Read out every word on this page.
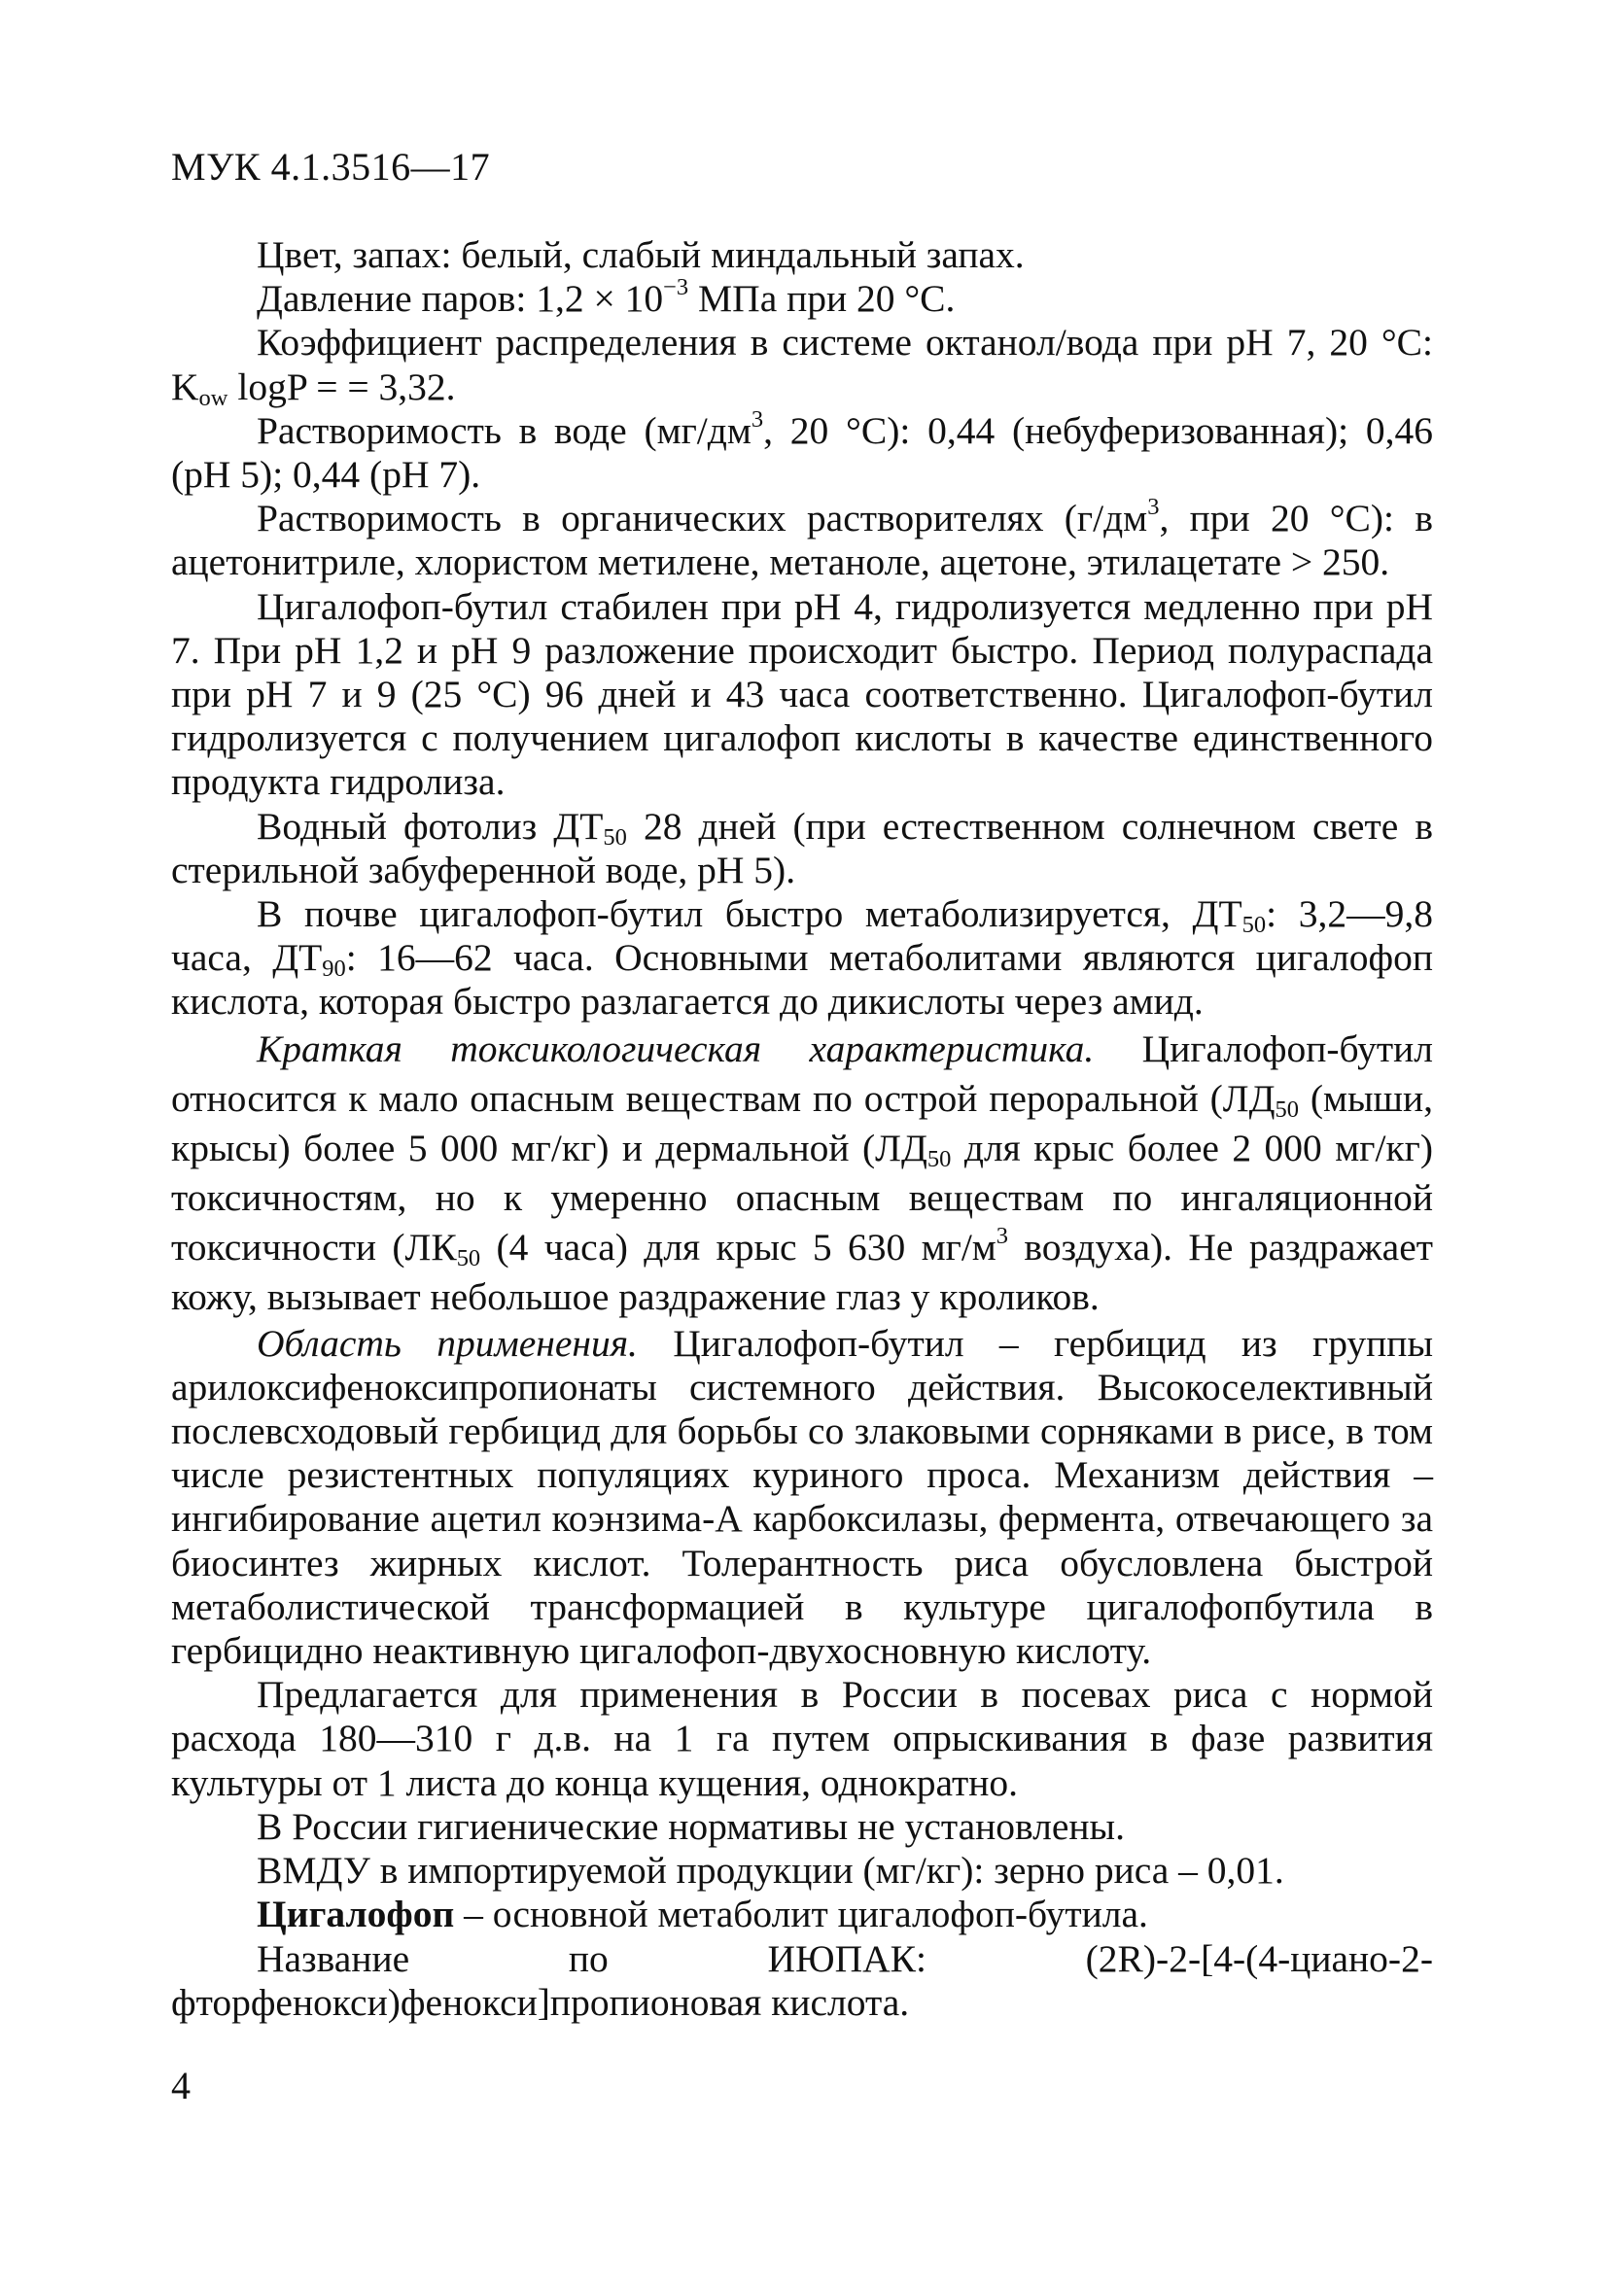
МУК 4.1.3516—17

Цвет, запах: белый, слабый миндальный запах.

Давление паров: $1,2 \times 10^{-3}$ МПа при 20 °С.

Коэффициент распределения в системе октанол/вода при pH 7, 20 °С: $K_{ow}$ logP = = 3,32.

Растворимость в воде ($мг/дм^3$, 20 °С): 0,44 (небуферизованная); 0,46 (pH 5); 0,44 (pH 7).

Растворимость в органических растворителях ($г/дм^3$, при 20 °С): в ацетонитриле, хлористом метилене, метаноле, ацетоне, этилацетате > 250.

Цигалофоп-бутил стабилен при pH 4, гидролизуется медленно при pH 7. При pH 1,2 и pH 9 разложение происходит быстро. Период полураспада при pH 7 и 9 (25 °С) 96 дней и 43 часа соответственно. Цигалофоп-бутил гидролизуется с получением цигалофоп кислоты в качестве единственного продукта гидролиза.

Водный фотолиз $ДТ_{50}$ 28 дней (при естественном солнечном свете в стерильной забуференной воде, pH 5).

В почве цигалофоп-бутил быстро метаболизируется, $ДТ_{50}$: 3,2—9,8 часа, $ДТ_{90}$: 16—62 часа. Основными метаболитами являются цигалофоп кислота, которая быстро разлагается до дикислоты через амид.

Краткая токсикологическая характеристика. Цигалофоп-бутил относится к мало опасным веществам по острой пероральной ($ЛД_{50}$ (мыши, крысы) более 5 000 мг/кг) и дермальной ($ЛД_{50}$ для крыс более 2 000 мг/кг) токсичностям, но к умеренно опасным веществам по ингаляционной токсичности ($ЛК_{50}$ (4 часа) для крыс 5 630 $мг/м^3$ воздуха). Не раздражает кожу, вызывает небольшое раздражение глаз у кроликов.

Область применения. Цигалофоп-бутил – гербицид из группы арилоксифеноксипропионаты системного действия. Высокоселективный послевсходовый гербицид для борьбы со злаковыми сорняками в рисе, в том числе резистентных популяциях куриного проса. Механизм действия – ингибирование ацетил коэнзима-А карбоксилазы, фермента, отвечающего за биосинтез жирных кислот. Толерантность риса обусловлена быстрой метаболистической трансформацией в культуре цигалофопбутила в гербицидно неактивную цигалофоп-двухосновную кислоту.

Предлагается для применения в России в посевах риса с нормой расхода 180—310 г д.в. на 1 га путем опрыскивания в фазе развития культуры от 1 листа до конца кущения, однократно.

В России гигиенические нормативы не установлены.

ВМДУ в импортируемой продукции (мг/кг): зерно риса – 0,01.

Цигалофоп – основной метаболит цигалофоп-бутила.

Название по ИЮПАК: (2R)-2-[4-(4-циано-2-фторфенокси)фенокси]пропионовая кислота.

4
